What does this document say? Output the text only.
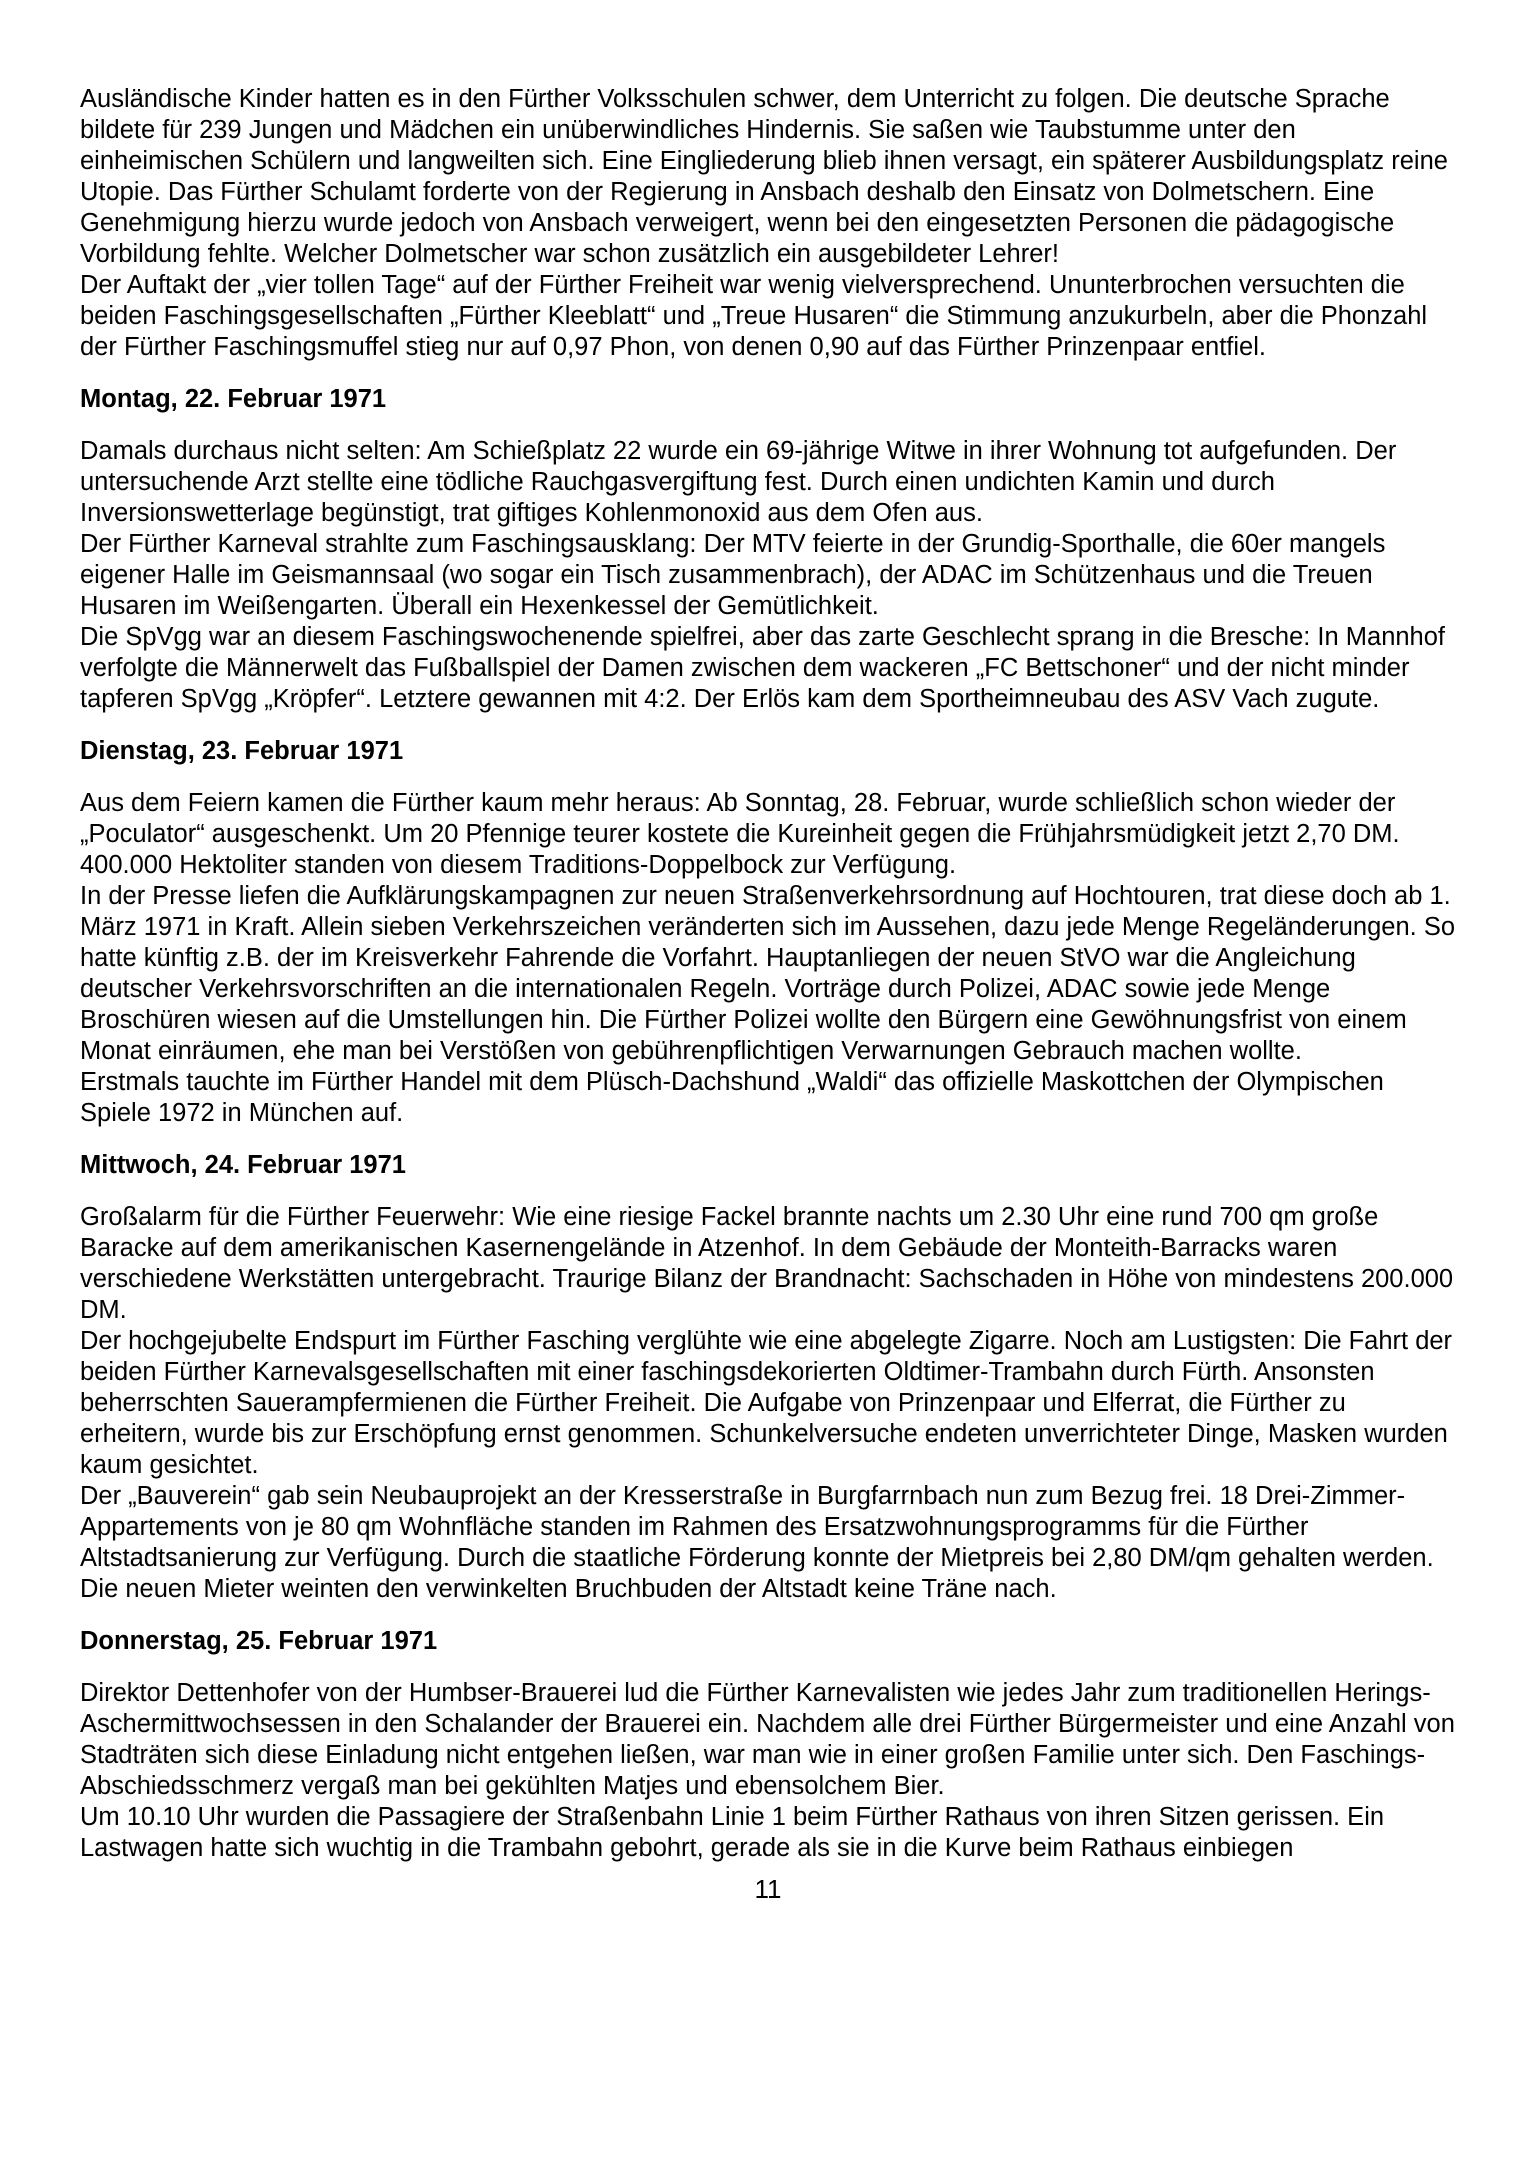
Ausländische Kinder hatten es in den Fürther Volksschulen schwer, dem Unterricht zu folgen. Die deutsche Sprache bildete für 239 Jungen und Mädchen ein unüberwindliches Hindernis. Sie saßen wie Taubstumme unter den einheimischen Schülern und langweilten sich. Eine Eingliederung blieb ihnen versagt, ein späterer Ausbildungsplatz reine Utopie. Das Fürther Schulamt forderte von der Regierung in Ansbach deshalb den Einsatz von Dolmetschern. Eine Genehmigung hierzu wurde jedoch von Ansbach verweigert, wenn bei den eingesetzten Personen die pädagogische Vorbildung fehlte. Welcher Dolmetscher war schon zusätzlich ein ausgebildeter Lehrer!

Der Auftakt der „vier tollen Tage“ auf der Fürther Freiheit war wenig vielversprechend. Ununterbrochen versuchten die beiden Faschingsgesellschaften „Fürther Kleeblatt“ und „Treue Husaren“ die Stimmung anzukurbeln, aber die Phonzahl der Fürther Faschingsmuffel stieg nur auf 0,97 Phon, von denen 0,90 auf das Fürther Prinzenpaar entfiel.

Montag, 22. Februar 1971

Damals durchaus nicht selten: Am Schießplatz 22 wurde ein 69-jährige Witwe in ihrer Wohnung tot aufgefunden. Der untersuchende Arzt stellte eine tödliche Rauchgasvergiftung fest. Durch einen undichten Kamin und durch Inversionswetterlage begünstigt, trat giftiges Kohlenmonoxid aus dem Ofen aus.

Der Fürther Karneval strahlte zum Faschingsausklang: Der MTV feierte in der Grundig-Sporthalle, die 60er mangels eigener Halle im Geismannsaal (wo sogar ein Tisch zusammenbrach), der ADAC im Schützenhaus und die Treuen Husaren im Weißengarten. Überall ein Hexenkessel der Gemütlichkeit.

Die SpVgg war an diesem Faschingswochenende spielfrei, aber das zarte Geschlecht sprang in die Bresche: In Mannhof verfolgte die Männerwelt das Fußballspiel der Damen zwischen dem wackeren „FC Bettschoner“ und der nicht minder tapferen SpVgg „Kröpfer“. Letztere gewannen mit 4:2. Der Erlös kam dem Sportheimneubau des ASV Vach zugute.

Dienstag, 23. Februar 1971

Aus dem Feiern kamen die Fürther kaum mehr heraus: Ab Sonntag, 28. Februar, wurde schließlich schon wieder der „Poculator“ ausgeschenkt. Um 20 Pfennige teurer kostete die Kureinheit gegen die Frühjahrsmüdigkeit jetzt 2,70 DM. 400.000 Hektoliter standen von diesem Traditions-Doppelbock zur Verfügung.

In der Presse liefen die Aufklärungskampagnen zur neuen Straßenverkehrsordnung auf Hochtouren, trat diese doch ab 1. März 1971 in Kraft. Allein sieben Verkehrszeichen veränderten sich im Aussehen, dazu jede Menge Regeländerungen. So hatte künftig z.B. der im Kreisverkehr Fahrende die Vorfahrt. Hauptanliegen der neuen StVO war die Angleichung deutscher Verkehrsvorschriften an die internationalen Regeln. Vorträge durch Polizei, ADAC sowie jede Menge Broschüren wiesen auf die Umstellungen hin. Die Fürther Polizei wollte den Bürgern eine Gewöhnungsfrist von einem Monat einräumen, ehe man bei Verstößen von gebührenpflichtigen Verwarnungen Gebrauch machen wollte.

Erstmals tauchte im Fürther Handel mit dem Plüsch-Dachshund „Waldi“ das offizielle Maskottchen der Olympischen Spiele 1972 in München auf.

Mittwoch, 24. Februar 1971

Großalarm für die Fürther Feuerwehr: Wie eine riesige Fackel brannte nachts um 2.30 Uhr eine rund 700 qm große Baracke auf dem amerikanischen Kasernengelände in Atzenhof. In dem Gebäude der Monteith-Barracks waren verschiedene Werkstätten untergebracht. Traurige Bilanz der Brandnacht: Sachschaden in Höhe von mindestens 200.000 DM.

Der hochgejubelte Endspurt im Fürther Fasching verglühte wie eine abgelegte Zigarre. Noch am Lustigsten: Die Fahrt der beiden Fürther Karnevalsgesellschaften mit einer faschingsdekorierten Oldtimer-Trambahn durch Fürth. Ansonsten beherrschten Sauerampfermienen die Fürther Freiheit. Die Aufgabe von Prinzenpaar und Elferrat, die Fürther zu erheitern, wurde bis zur Erschöpfung ernst genommen. Schunkelversuche endeten unverrichteter Dinge, Masken wurden kaum gesichtet.

Der „Bauverein“ gab sein Neubauprojekt an der Kresserstraße in Burgfarrnbach nun zum Bezug frei. 18 Drei-Zimmer-Appartements von je 80 qm Wohnfläche standen im Rahmen des Ersatzwohnungsprogramms für die Fürther Altstadtsanierung zur Verfügung. Durch die staatliche Förderung konnte der Mietpreis bei 2,80 DM/qm gehalten werden. Die neuen Mieter weinten den verwinkelten Bruchbuden der Altstadt keine Träne nach.

Donnerstag, 25. Februar 1971

Direktor Dettenhofer von der Humbser-Brauerei lud die Fürther Karnevalisten wie jedes Jahr zum traditionellen Herings-Aschermittwochsessen in den Schalander der Brauerei ein. Nachdem alle drei Fürther Bürgermeister und eine Anzahl von Stadträten sich diese Einladung nicht entgehen ließen, war man wie in einer großen Familie unter sich. Den Faschings-Abschiedsschmerz vergaß man bei gekühlten Matjes und ebensolchem Bier.

Um 10.10 Uhr wurden die Passagiere der Straßenbahn Linie 1 beim Fürther Rathaus von ihren Sitzen gerissen. Ein Lastwagen hatte sich wuchtig in die Trambahn gebohrt, gerade als sie in die Kurve beim Rathaus einbiegen

11
